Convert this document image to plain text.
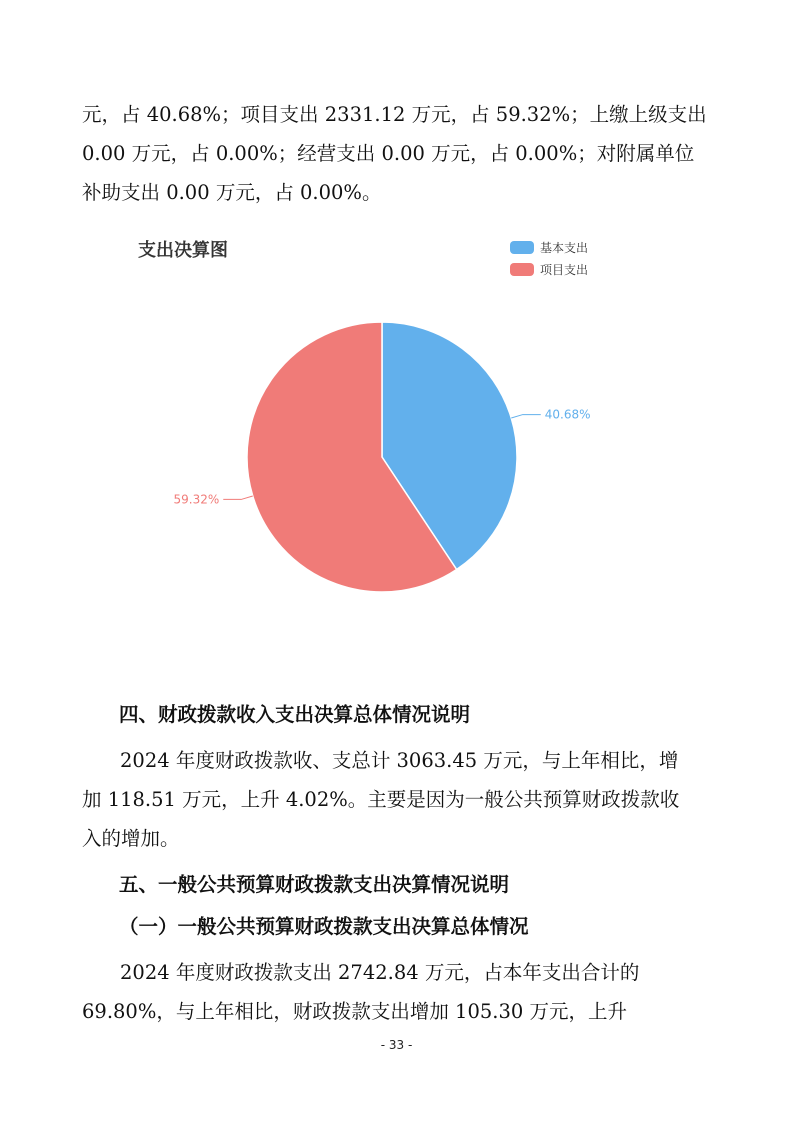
元，占 40.68%；项目支出 2331.12 万元，占 59.32%；上缴上级支出
0.00 万元，占 0.00%；经营支出 0.00 万元，占 0.00%；对附属单位
补助支出 0.00 万元，占 0.00%。

支出决算图	基本支出
项目支出
40.68%
59.32%
四、财政拨款收入支出决算总体情况说明

2024 年度财政拨款收、支总计 3063.45 万元，与上年相比，增
加 118.51 万元，上升 4.02%。主要是因为一般公共预算财政拨款收
入的增加。

五、一般公共预算财政拨款支出决算情况说明
（一）一般公共预算财政拨款支出决算总体情况

2024 年度财政拨款支出 2742.84 万元，占本年支出合计的
69.80%，与上年相比，财政拨款支出增加 105.30 万元，上升

- 33 -
